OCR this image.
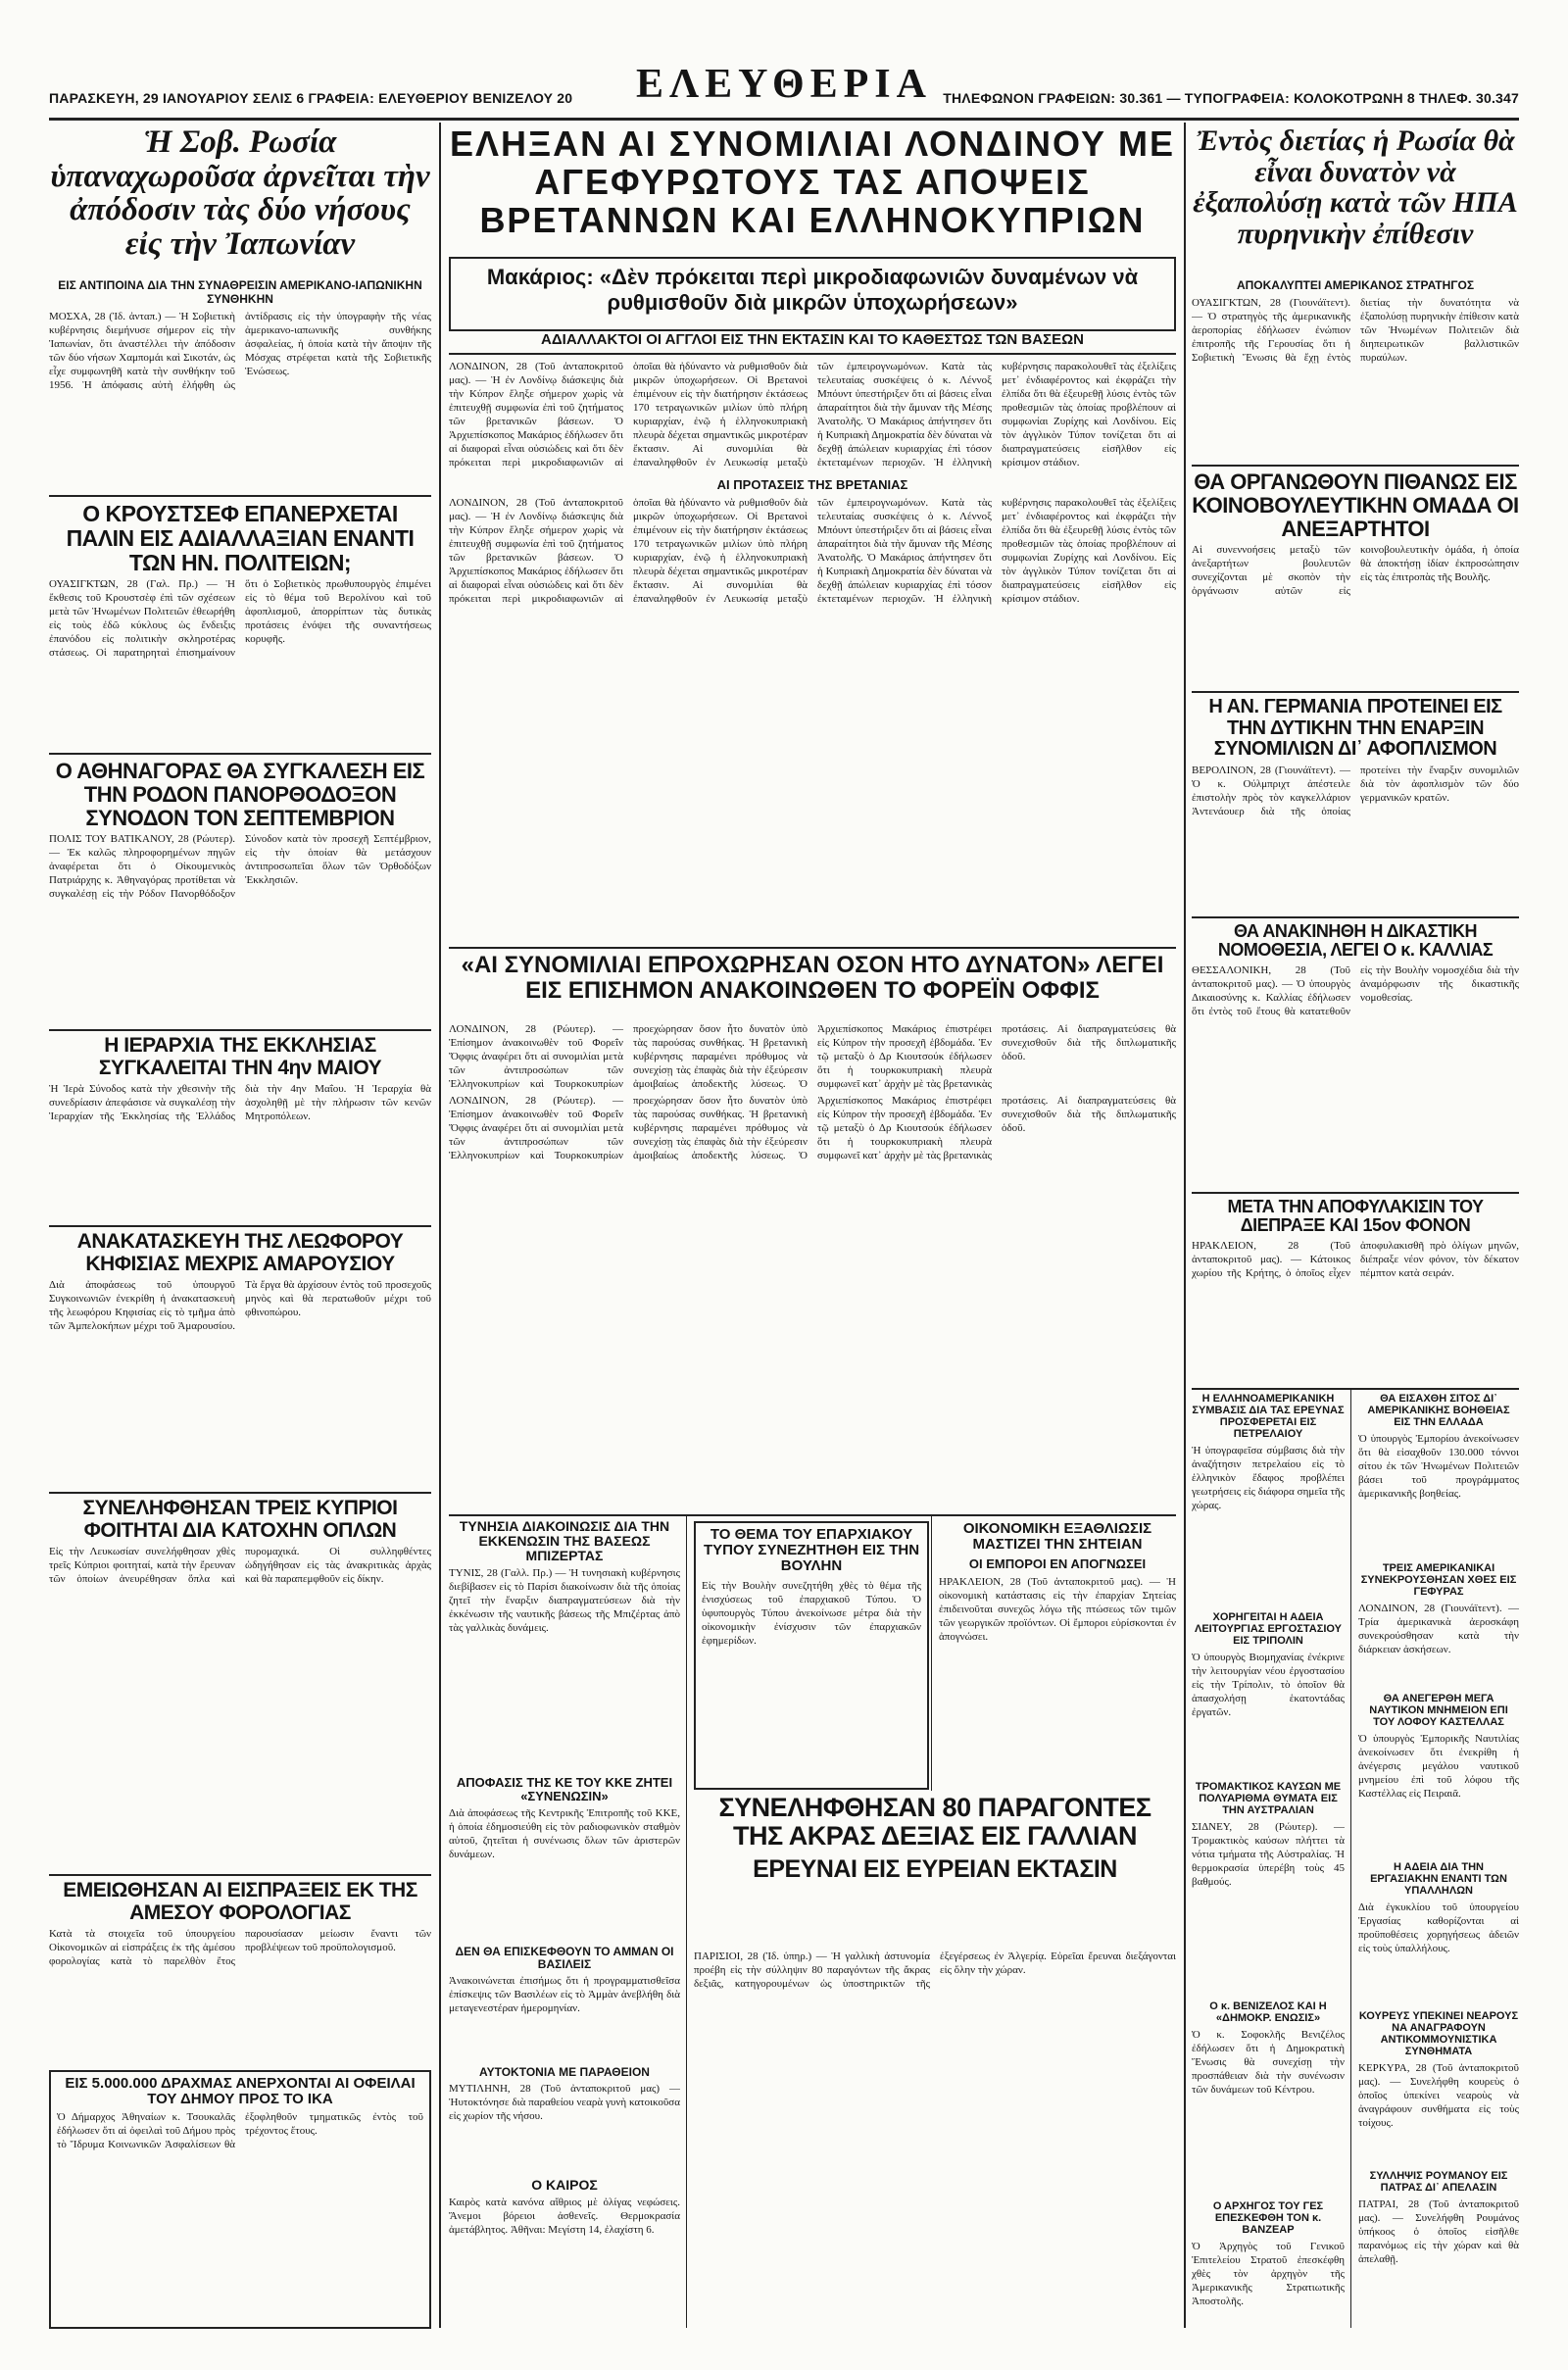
ΠΑΡΑΣΚΕΥΗ, 29 ΙΑΝΟΥΑΡΙΟΥ ΣΕΛΙΣ 6 ΓΡΑΦΕΙΑ: ΕΛΕΥΘΕΡΙΟΥ ΒΕΝΙΖΕΛΟΥ 20	ΕΛΕΥΘΕΡΙΑ ΤΗΛΕΦΩΝΟΝ ΓΡΑΦΕΙΩΝ: 30.361 — ΤΥΠΟΓΡΑΦΕΙΑ: ΚΟΛΟΚΟΤΡΩΝΗ 8 ΤΗΛΕΦ. 30.347

Ἡ Σοβ. Ρωσία ὑπαναχωροῦσα ἀρνεῖται τὴν ἀπόδοσιν τὰς δύο νήσους εἰς τὴν Ἰαπωνίαν

ΕΙΣ ΑΝΤΙΠΟΙΝΑ ΔΙΑ ΤΗΝ ΣΥΝΑΘΡΕΙΣΙΝ ΑΜΕΡΙΚΑΝΟ-ΙΑΠΩΝΙΚΗΝ ΣΥΝΘΗΚΗΝ

ΜΟΣΧΑ, 28 (Ἰδ. ἀνταπ.) — Ἡ Σοβιετικὴ κυβέρνησις διεμήνυσε σήμερον εἰς τὴν Ἰαπωνίαν, ὅτι ἀναστέλλει τὴν ἀπόδοσιν τῶν δύο νήσων Χαμπομάι καὶ Σικοτάν, ὡς εἶχε συμφωνηθῆ κατὰ τὴν συνθήκην τοῦ 1956. Ἡ ἀπόφασις αὐτὴ ἐλήφθη ὡς ἀντίδρασις εἰς τὴν ὑπογραφὴν τῆς νέας ἀμερικανο-ιαπωνικῆς συνθήκης ἀσφαλείας, ἡ ὁποία κατὰ τὴν ἄποψιν τῆς Μόσχας στρέφεται κατὰ τῆς Σοβιετικῆς Ἑνώσεως.

Ο ΚΡΟΥΣΤΣΕΦ ΕΠΑΝΕΡΧΕΤΑΙ ΠΑΛΙΝ ΕΙΣ ΑΔΙΑΛΛΑΞΙΑΝ ΕΝΑΝΤΙ ΤΩΝ ΗΝ. ΠΟΛΙΤΕΙΩΝ;

ΟΥΑΣΙΓΚΤΩΝ, 28 (Γαλ. Πρ.) — Ἡ ἔκθεσις τοῦ Κρουστσὲφ ἐπὶ τῶν σχέσεων μετὰ τῶν Ἡνωμένων Πολιτειῶν ἐθεωρήθη εἰς τοὺς ἐδῶ κύκλους ὡς ἔνδειξις ἐπανόδου εἰς πολιτικὴν σκληροτέρας στάσεως. Οἱ παρατηρηταὶ ἐπισημαίνουν ὅτι ὁ Σοβιετικὸς πρωθυπουργὸς ἐπιμένει εἰς τὸ θέμα τοῦ Βερολίνου καὶ τοῦ ἀφοπλισμοῦ, ἀπορρίπτων τὰς δυτικὰς προτάσεις ἐνόψει τῆς συναντήσεως κορυφῆς.

Ο ΑΘΗΝΑΓΟΡΑΣ ΘΑ ΣΥΓΚΑΛΕΣΗ ΕΙΣ ΤΗΝ ΡΟΔΟΝ ΠΑΝΟΡΘΟΔΟΞΟΝ ΣΥΝΟΔΟΝ ΤΟΝ ΣΕΠΤΕΜΒΡΙΟΝ

ΠΟΛΙΣ ΤΟΥ ΒΑΤΙΚΑΝΟΥ, 28 (Ρώυτερ). — Ἐκ καλῶς πληροφορημένων πηγῶν ἀναφέρεται ὅτι ὁ Οἰκουμενικὸς Πατριάρχης κ. Ἀθηναγόρας προτίθεται νὰ συγκαλέσῃ εἰς τὴν Ρόδον Πανορθόδοξον Σύνοδον κατὰ τὸν προσεχῆ Σεπτέμβριον, εἰς τὴν ὁποίαν θὰ μετάσχουν ἀντιπροσωπεῖαι ὅλων τῶν Ὀρθοδόξων Ἐκκλησιῶν.

Η ΙΕΡΑΡΧΙΑ ΤΗΣ ΕΚΚΛΗΣΙΑΣ ΣΥΓΚΑΛΕΙΤΑΙ ΤΗΝ 4ην ΜΑΙΟΥ

Ἡ Ἱερὰ Σύνοδος κατὰ τὴν χθεσινὴν τῆς συνεδρίασιν ἀπεφάσισε νὰ συγκαλέσῃ τὴν Ἱεραρχίαν τῆς Ἐκκλησίας τῆς Ἑλλάδος διὰ τὴν 4ην Μαΐου. Ἡ Ἱεραρχία θὰ ἀσχοληθῇ μὲ τὴν πλήρωσιν τῶν κενῶν Μητροπόλεων.

ΑΝΑΚΑΤΑΣΚΕΥΗ ΤΗΣ ΛΕΩΦΟΡΟΥ ΚΗΦΙΣΙΑΣ ΜΕΧΡΙΣ ΑΜΑΡΟΥΣΙΟΥ

Διὰ ἀποφάσεως τοῦ ὑπουργοῦ Συγκοινωνιῶν ἐνεκρίθη ἡ ἀνακατασκευὴ τῆς λεωφόρου Κηφισίας εἰς τὸ τμῆμα ἀπὸ τῶν Ἀμπελοκήπων μέχρι τοῦ Ἀμαρουσίου. Τὰ ἔργα θὰ ἀρχίσουν ἐντὸς τοῦ προσεχοῦς μηνὸς καὶ θὰ περατωθοῦν μέχρι τοῦ φθινοπώρου.

ΣΥΝΕΛΗΦΘΗΣΑΝ ΤΡΕΙΣ ΚΥΠΡΙΟΙ ΦΟΙΤΗΤΑΙ ΔΙΑ ΚΑΤΟΧΗΝ ΟΠΛΩΝ

Εἰς τὴν Λευκωσίαν συνελήφθησαν χθὲς τρεῖς Κύπριοι φοιτηταί, κατὰ τὴν ἔρευναν τῶν ὁποίων ἀνευρέθησαν ὅπλα καὶ πυρομαχικά. Οἱ συλληφθέντες ὡδηγήθησαν εἰς τὰς ἀνακριτικὰς ἀρχὰς καὶ θὰ παραπεμφθοῦν εἰς δίκην.

ΕΜΕΙΩΘΗΣΑΝ ΑΙ ΕΙΣΠΡΑΞΕΙΣ ΕΚ ΤΗΣ ΑΜΕΣΟΥ ΦΟΡΟΛΟΓΙΑΣ

Κατὰ τὰ στοιχεῖα τοῦ ὑπουργείου Οἰκονομικῶν αἱ εἰσπράξεις ἐκ τῆς ἀμέσου φορολογίας κατὰ τὸ παρελθὸν ἔτος παρουσίασαν μείωσιν ἔναντι τῶν προβλέψεων τοῦ προϋπολογισμοῦ.

ΕΙΣ 5.000.000 ΔΡΑΧΜΑΣ ΑΝΕΡΧΟΝΤΑΙ ΑΙ ΟΦΕΙΛΑΙ ΤΟΥ ΔΗΜΟΥ ΠΡΟΣ ΤΟ ΙΚΑ

Ὁ Δήμαρχος Ἀθηναίων κ. Τσουκαλᾶς ἐδήλωσεν ὅτι αἱ ὀφειλαὶ τοῦ Δήμου πρὸς τὸ Ἵδρυμα Κοινωνικῶν Ἀσφαλίσεων θὰ ἐξοφληθοῦν τμηματικῶς ἐντὸς τοῦ τρέχοντος ἔτους.

ΕΛΗΞΑΝ ΑΙ ΣΥΝΟΜΙΛΙΑΙ ΛΟΝΔΙΝΟΥ ΜΕ ΑΓΕΦΥΡΩΤΟΥΣ ΤΑΣ ΑΠΟΨΕΙΣ ΒΡΕΤΑΝΝΩΝ ΚΑΙ ΕΛΛΗΝΟΚΥΠΡΙΩΝ

Μακάριος: «Δὲν πρόκειται περὶ μικροδιαφωνιῶν δυναμένων νὰ ρυθμισθοῦν διὰ μικρῶν ὑποχωρήσεων»

ΑΔΙΑΛΛΑΚΤΟΙ ΟΙ ΑΓΓΛΟΙ ΕΙΣ ΤΗΝ ΕΚΤΑΣΙΝ ΚΑΙ ΤΟ ΚΑΘΕΣΤΩΣ ΤΩΝ ΒΑΣΕΩΝ

ΛΟΝΔΙΝΟΝ, 28 (Τοῦ ἀνταποκριτοῦ μας). — Ἡ ἐν Λονδίνῳ διάσκεψις διὰ τὴν Κύπρον ἔληξε σήμερον χωρὶς νὰ ἐπιτευχθῇ συμφωνία ἐπὶ τοῦ ζητήματος τῶν βρετανικῶν βάσεων. Ὁ Ἀρχιεπίσκοπος Μακάριος ἐδήλωσεν ὅτι αἱ διαφοραὶ εἶναι οὐσιώδεις καὶ ὅτι δὲν πρόκειται περὶ μικροδιαφωνιῶν αἱ ὁποῖαι θὰ ἠδύναντο νὰ ρυθμισθοῦν διὰ μικρῶν ὑποχωρήσεων. Οἱ Βρετανοὶ ἐπιμένουν εἰς τὴν διατήρησιν ἐκτάσεως 170 τετραγωνικῶν μιλίων ὑπὸ πλήρη κυριαρχίαν, ἐνῷ ἡ ἑλληνοκυπριακὴ πλευρὰ δέχεται σημαντικῶς μικροτέραν ἔκτασιν. Αἱ συνομιλίαι θὰ ἐπαναληφθοῦν ἐν Λευκωσίᾳ μεταξὺ τῶν ἐμπειρογνωμόνων. Κατὰ τὰς τελευταίας συσκέψεις ὁ κ. Λέννοξ Μπόυντ ὑπεστήριξεν ὅτι αἱ βάσεις εἶναι ἀπαραίτητοι διὰ τὴν ἄμυναν τῆς Μέσης Ἀνατολῆς. Ὁ Μακάριος ἀπήντησεν ὅτι ἡ Κυπριακὴ Δημοκρατία δὲν δύναται νὰ δεχθῇ ἀπώλειαν κυριαρχίας ἐπὶ τόσον ἐκτεταμένων περιοχῶν. Ἡ ἑλληνικὴ κυβέρνησις παρακολουθεῖ τὰς ἐξελίξεις μετ᾽ ἐνδιαφέροντος καὶ ἐκφράζει τὴν ἐλπίδα ὅτι θὰ ἐξευρεθῇ λύσις ἐντὸς τῶν προθεσμιῶν τὰς ὁποίας προβλέπουν αἱ συμφωνίαι Ζυρίχης καὶ Λονδίνου. Εἰς τὸν ἀγγλικὸν Τύπον τονίζεται ὅτι αἱ διαπραγματεύσεις εἰσῆλθον εἰς κρίσιμον στάδιον.

ΑΙ ΠΡΟΤΑΣΕΙΣ ΤΗΣ ΒΡΕΤΑΝΙΑΣ

ΛΟΝΔΙΝΟΝ, 28 (Τοῦ ἀνταποκριτοῦ μας). — Ἡ ἐν Λονδίνῳ διάσκεψις διὰ τὴν Κύπρον ἔληξε σήμερον χωρὶς νὰ ἐπιτευχθῇ συμφωνία ἐπὶ τοῦ ζητήματος τῶν βρετανικῶν βάσεων. Ὁ Ἀρχιεπίσκοπος Μακάριος ἐδήλωσεν ὅτι αἱ διαφοραὶ εἶναι οὐσιώδεις καὶ ὅτι δὲν πρόκειται περὶ μικροδιαφωνιῶν αἱ ὁποῖαι θὰ ἠδύναντο νὰ ρυθμισθοῦν διὰ μικρῶν ὑποχωρήσεων. Οἱ Βρετανοὶ ἐπιμένουν εἰς τὴν διατήρησιν ἐκτάσεως 170 τετραγωνικῶν μιλίων ὑπὸ πλήρη κυριαρχίαν, ἐνῷ ἡ ἑλληνοκυπριακὴ πλευρὰ δέχεται σημαντικῶς μικροτέραν ἔκτασιν. Αἱ συνομιλίαι θὰ ἐπαναληφθοῦν ἐν Λευκωσίᾳ μεταξὺ τῶν ἐμπειρογνωμόνων. Κατὰ τὰς τελευταίας συσκέψεις ὁ κ. Λέννοξ Μπόυντ ὑπεστήριξεν ὅτι αἱ βάσεις εἶναι ἀπαραίτητοι διὰ τὴν ἄμυναν τῆς Μέσης Ἀνατολῆς. Ὁ Μακάριος ἀπήντησεν ὅτι ἡ Κυπριακὴ Δημοκρατία δὲν δύναται νὰ δεχθῇ ἀπώλειαν κυριαρχίας ἐπὶ τόσον ἐκτεταμένων περιοχῶν. Ἡ ἑλληνικὴ κυβέρνησις παρακολουθεῖ τὰς ἐξελίξεις μετ᾽ ἐνδιαφέροντος καὶ ἐκφράζει τὴν ἐλπίδα ὅτι θὰ ἐξευρεθῇ λύσις ἐντὸς τῶν προθεσμιῶν τὰς ὁποίας προβλέπουν αἱ συμφωνίαι Ζυρίχης καὶ Λονδίνου. Εἰς τὸν ἀγγλικὸν Τύπον τονίζεται ὅτι αἱ διαπραγματεύσεις εἰσῆλθον εἰς κρίσιμον στάδιον.

«ΑΙ ΣΥΝΟΜΙΛΙΑΙ ΕΠΡΟΧΩΡΗΣΑΝ ΟΣΟΝ ΗΤΟ ΔΥΝΑΤΟΝ» ΛΕΓΕΙ ΕΙΣ ΕΠΙΣΗΜΟΝ ΑΝΑΚΟΙΝΩΘΕΝ ΤΟ ΦΟΡΕΪΝ ΟΦΦΙΣ

ΛΟΝΔΙΝΟΝ, 28 (Ρώυτερ). — Ἐπίσημον ἀνακοινωθὲν τοῦ Φορεΐν Ὄφφις ἀναφέρει ὅτι αἱ συνομιλίαι μετὰ τῶν ἀντιπροσώπων τῶν Ἑλληνοκυπρίων καὶ Τουρκοκυπρίων προεχώρησαν ὅσον ἦτο δυνατὸν ὑπὸ τὰς παρούσας συνθήκας. Ἡ βρετανικὴ κυβέρνησις παραμένει πρόθυμος νὰ συνεχίσῃ τὰς ἐπαφὰς διὰ τὴν ἐξεύρεσιν ἀμοιβαίως ἀποδεκτῆς λύσεως. Ὁ Ἀρχιεπίσκοπος Μακάριος ἐπιστρέφει εἰς Κύπρον τὴν προσεχῆ ἑβδομάδα. Ἐν τῷ μεταξὺ ὁ Δρ Κιουτσούκ ἐδήλωσεν ὅτι ἡ τουρκοκυπριακὴ πλευρὰ συμφωνεῖ κατ᾽ ἀρχὴν μὲ τὰς βρετανικὰς προτάσεις. Αἱ διαπραγματεύσεις θὰ συνεχισθοῦν διὰ τῆς διπλωματικῆς ὁδοῦ.

ΛΟΝΔΙΝΟΝ, 28 (Ρώυτερ). — Ἐπίσημον ἀνακοινωθὲν τοῦ Φορεΐν Ὄφφις ἀναφέρει ὅτι αἱ συνομιλίαι μετὰ τῶν ἀντιπροσώπων τῶν Ἑλληνοκυπρίων καὶ Τουρκοκυπρίων προεχώρησαν ὅσον ἦτο δυνατὸν ὑπὸ τὰς παρούσας συνθήκας. Ἡ βρετανικὴ κυβέρνησις παραμένει πρόθυμος νὰ συνεχίσῃ τὰς ἐπαφὰς διὰ τὴν ἐξεύρεσιν ἀμοιβαίως ἀποδεκτῆς λύσεως. Ὁ Ἀρχιεπίσκοπος Μακάριος ἐπιστρέφει εἰς Κύπρον τὴν προσεχῆ ἑβδομάδα. Ἐν τῷ μεταξὺ ὁ Δρ Κιουτσούκ ἐδήλωσεν ὅτι ἡ τουρκοκυπριακὴ πλευρὰ συμφωνεῖ κατ᾽ ἀρχὴν μὲ τὰς βρετανικὰς προτάσεις. Αἱ διαπραγματεύσεις θὰ συνεχισθοῦν διὰ τῆς διπλωματικῆς ὁδοῦ.

ΤΥΝΗΣΙΑ ΔΙΑΚΟΙΝΩΣΙΣ ΔΙΑ ΤΗΝ ΕΚΚΕΝΩΣΙΝ ΤΗΣ ΒΑΣΕΩΣ ΜΠΙΖΕΡΤΑΣ

ΤΥΝΙΣ, 28 (Γαλλ. Πρ.) — Ἡ τυνησιακὴ κυβέρνησις διεβίβασεν εἰς τὸ Παρίσι διακοίνωσιν διὰ τῆς ὁποίας ζητεῖ τὴν ἔναρξιν διαπραγματεύσεων διὰ τὴν ἐκκένωσιν τῆς ναυτικῆς βάσεως τῆς Μπιζέρτας ἀπὸ τὰς γαλλικὰς δυνάμεις.

ΑΠΟΦΑΣΙΣ ΤΗΣ ΚΕ ΤΟΥ ΚΚΕ ΖΗΤΕΙ «ΣΥΝΕΝΩΣΙΝ»

Διὰ ἀποφάσεως τῆς Κεντρικῆς Ἐπιτροπῆς τοῦ ΚΚΕ, ἡ ὁποία ἐδημοσιεύθη εἰς τὸν ραδιοφωνικὸν σταθμὸν αὐτοῦ, ζητεῖται ἡ συνένωσις ὅλων τῶν ἀριστερῶν δυνάμεων.

ΔΕΝ ΘΑ ΕΠΙΣΚΕΦΘΟΥΝ ΤΟ ΑΜΜΑΝ ΟΙ ΒΑΣΙΛΕΙΣ

Ἀνακοινώνεται ἐπισήμως ὅτι ἡ προγραμματισθεῖσα ἐπίσκεψις τῶν Βασιλέων εἰς τὸ Ἀμμὰν ἀνεβλήθη διὰ μεταγενεστέραν ἡμερομηνίαν.

ΑΥΤΟΚΤΟΝΙΑ ΜΕ ΠΑΡΑΘΕΙΟΝ

ΜΥΤΙΛΗΝΗ, 28 (Τοῦ ἀνταποκριτοῦ μας) — Ἠυτοκτόνησε διὰ παραθείου νεαρὰ γυνὴ κατοικοῦσα εἰς χωρίον τῆς νήσου.

Ο ΚΑΙΡΟΣ

Καιρὸς κατὰ κανόνα αἴθριος μὲ ὀλίγας νεφώσεις. Ἄνεμοι βόρειοι ἀσθενεῖς. Θερμοκρασία ἀμετάβλητος. Ἀθῆναι: Μεγίστη 14, ἐλαχίστη 6.

ΤΟ ΘΕΜΑ ΤΟΥ ΕΠΑΡΧΙΑΚΟΥ ΤΥΠΟΥ ΣΥΝΕΖΗΤΗΘΗ ΕΙΣ ΤΗΝ ΒΟΥΛΗΝ

Εἰς τὴν Βουλὴν συνεζητήθη χθὲς τὸ θέμα τῆς ἐνισχύσεως τοῦ ἐπαρχιακοῦ Τύπου. Ὁ ὑφυπουργὸς Τύπου ἀνεκοίνωσε μέτρα διὰ τὴν οἰκονομικὴν ἐνίσχυσιν τῶν ἐπαρχιακῶν ἐφημερίδων.

ΟΙΚΟΝΟΜΙΚΗ ΕΞΑΘΛΙΩΣΙΣ ΜΑΣΤΙΖΕΙ ΤΗΝ ΣΗΤΕΙΑΝ

ΟΙ ΕΜΠΟΡΟΙ ΕΝ ΑΠΟΓΝΩΣΕΙ

ΗΡΑΚΛΕΙΟΝ, 28 (Τοῦ ἀνταποκριτοῦ μας). — Ἡ οἰκονομικὴ κατάστασις εἰς τὴν ἐπαρχίαν Σητείας ἐπιδεινοῦται συνεχῶς λόγω τῆς πτώσεως τῶν τιμῶν τῶν γεωργικῶν προϊόντων. Οἱ ἔμποροι εὑρίσκονται ἐν ἀπογνώσει.

ΣΥΝΕΛΗΦΘΗΣΑΝ 80 ΠΑΡΑΓΟΝΤΕΣ ΤΗΣ ΑΚΡΑΣ ΔΕΞΙΑΣ ΕΙΣ ΓΑΛΛΙΑΝ

ΕΡΕΥΝΑΙ ΕΙΣ ΕΥΡΕΙΑΝ ΕΚΤΑΣΙΝ

ΠΑΡΙΣΙΟΙ, 28 (Ἰδ. ὑπηρ.) — Ἡ γαλλικὴ ἀστυνομία προέβη εἰς τὴν σύλληψιν 80 παραγόντων τῆς ἄκρας δεξιᾶς, κατηγορουμένων ὡς ὑποστηρικτῶν τῆς ἐξεγέρσεως ἐν Ἀλγερίᾳ. Εὐρεῖαι ἔρευναι διεξάγονται εἰς ὅλην τὴν χώραν.

Ἐντὸς διετίας ἡ Ρωσία θὰ εἶναι δυνατὸν νὰ ἐξαπολύσῃ κατὰ τῶν ΗΠΑ πυρηνικὴν ἐπίθεσιν

ΑΠΟΚΑΛΥΠΤΕΙ ΑΜΕΡΙΚΑΝΟΣ ΣΤΡΑΤΗΓΟΣ

ΟΥΑΣΙΓΚΤΩΝ, 28 (Γιουνάϊτεντ). — Ὁ στρατηγὸς τῆς ἀμερικανικῆς ἀεροπορίας ἐδήλωσεν ἐνώπιον ἐπιτροπῆς τῆς Γερουσίας ὅτι ἡ Σοβιετικὴ Ἕνωσις θὰ ἔχῃ ἐντὸς διετίας τὴν δυνατότητα νὰ ἐξαπολύσῃ πυρηνικὴν ἐπίθεσιν κατὰ τῶν Ἡνωμένων Πολιτειῶν διὰ διηπειρωτικῶν βαλλιστικῶν πυραύλων.

ΘΑ ΟΡΓΑΝΩΘΟΥΝ ΠΙΘΑΝΩΣ ΕΙΣ ΚΟΙΝΟΒΟΥΛΕΥΤΙΚΗΝ ΟΜΑΔΑ ΟΙ ΑΝΕΞΑΡΤΗΤΟΙ

Αἱ συνεννοήσεις μεταξὺ τῶν ἀνεξαρτήτων βουλευτῶν συνεχίζονται μὲ σκοπὸν τὴν ὀργάνωσιν αὐτῶν εἰς κοινοβουλευτικὴν ὁμάδα, ἡ ὁποία θὰ ἀποκτήσῃ ἰδίαν ἐκπροσώπησιν εἰς τὰς ἐπιτροπὰς τῆς Βουλῆς.

Η ΑΝ. ΓΕΡΜΑΝΙΑ ΠΡΟΤΕΙΝΕΙ ΕΙΣ ΤΗΝ ΔΥΤΙΚΗΝ ΤΗΝ ΕΝΑΡΞΙΝ ΣΥΝΟΜΙΛΙΩΝ ΔΙ᾽ ΑΦΟΠΛΙΣΜΟΝ

ΒΕΡΟΛΙΝΟΝ, 28 (Γιουνάϊτεντ). — Ὁ κ. Ούλμπριχτ ἀπέστειλε ἐπιστολὴν πρὸς τὸν καγκελλάριον Ἀντενάουερ διὰ τῆς ὁποίας προτείνει τὴν ἔναρξιν συνομιλιῶν διὰ τὸν ἀφοπλισμὸν τῶν δύο γερμανικῶν κρατῶν.

ΘΑ ΑΝΑΚΙΝΗΘΗ Η ΔΙΚΑΣΤΙΚΗ ΝΟΜΟΘΕΣΙΑ, ΛΕΓΕΙ Ο κ. ΚΑΛΛΙΑΣ

ΘΕΣΣΑΛΟΝΙΚΗ, 28 (Τοῦ ἀνταποκριτοῦ μας). — Ὁ ὑπουργὸς Δικαιοσύνης κ. Καλλίας ἐδήλωσεν ὅτι ἐντὸς τοῦ ἔτους θὰ κατατεθοῦν εἰς τὴν Βουλὴν νομοσχέδια διὰ τὴν ἀναμόρφωσιν τῆς δικαστικῆς νομοθεσίας.

ΜΕΤΑ ΤΗΝ ΑΠΟΦΥΛΑΚΙΣΙΝ ΤΟΥ ΔΙΕΠΡΑΞΕ ΚΑΙ 15ον ΦΟΝΟΝ

ΗΡΑΚΛΕΙΟΝ, 28 (Τοῦ ἀνταποκριτοῦ μας). — Κάτοικος χωρίου τῆς Κρήτης, ὁ ὁποῖος εἶχεν ἀποφυλακισθῆ πρὸ ὀλίγων μηνῶν, διέπραξε νέον φόνον, τὸν δέκατον πέμπτον κατὰ σειράν.

Η ΕΛΛΗΝΟΑΜΕΡΙΚΑΝΙΚΗ ΣΥΜΒΑΣΙΣ ΔΙΑ ΤΑΣ ΕΡΕΥΝΑΣ ΠΡΟΣΦΕΡΕΤΑΙ ΕΙΣ ΠΕΤΡΕΛΑΙΟΥ

Ἡ ὑπογραφεῖσα σύμβασις διὰ τὴν ἀναζήτησιν πετρελαίου εἰς τὸ ἑλληνικὸν ἔδαφος προβλέπει γεωτρήσεις εἰς διάφορα σημεῖα τῆς χώρας.

ΧΟΡΗΓΕΙΤΑΙ Η ΑΔΕΙΑ ΛΕΙΤΟΥΡΓΙΑΣ ΕΡΓΟΣΤΑΣΙΟΥ ΕΙΣ ΤΡΙΠΟΛΙΝ

Ὁ ὑπουργὸς Βιομηχανίας ἐνέκρινε τὴν λειτουργίαν νέου ἐργοστασίου εἰς τὴν Τρίπολιν, τὸ ὁποῖον θὰ ἀπασχολήσῃ ἑκατοντάδας ἐργατῶν.

ΤΡΟΜΑΚΤΙΚΟΣ ΚΑΥΣΩΝ ΜΕ ΠΟΛΥΑΡΙΘΜΑ ΘΥΜΑΤΑ ΕΙΣ ΤΗΝ ΑΥΣΤΡΑΛΙΑΝ

ΣΙΔΝΕΥ, 28 (Ρώυτερ). — Τρομακτικὸς καύσων πλήττει τὰ νότια τμήματα τῆς Αὐστραλίας. Ἡ θερμοκρασία ὑπερέβη τοὺς 45 βαθμούς.

Ο κ. ΒΕΝΙΖΕΛΟΣ ΚΑΙ Η «ΔΗΜΟΚΡ. ΕΝΩΣΙΣ»

Ὁ κ. Σοφοκλῆς Βενιζέλος ἐδήλωσεν ὅτι ἡ Δημοκρατικὴ Ἕνωσις θὰ συνεχίσῃ τὴν προσπάθειαν διὰ τὴν συνένωσιν τῶν δυνάμεων τοῦ Κέντρου.

Ο ΑΡΧΗΓΟΣ ΤΟΥ ΓΕΣ ΕΠΕΣΚΕΦΘΗ ΤΟΝ κ. ΒΑΝΖΕΑΡ

Ὁ Ἀρχηγὸς τοῦ Γενικοῦ Ἐπιτελείου Στρατοῦ ἐπεσκέφθη χθὲς τὸν ἀρχηγὸν τῆς Ἀμερικανικῆς Στρατιωτικῆς Ἀποστολῆς.

ΘΑ ΕΙΣΑΧΘΗ ΣΙΤΟΣ ΔΙ᾽ ΑΜΕΡΙΚΑΝΙΚΗΣ ΒΟΗΘΕΙΑΣ ΕΙΣ ΤΗΝ ΕΛΛΑΔΑ

Ὁ ὑπουργὸς Ἐμπορίου ἀνεκοίνωσεν ὅτι θὰ εἰσαχθοῦν 130.000 τόννοι σίτου ἐκ τῶν Ἡνωμένων Πολιτειῶν βάσει τοῦ προγράμματος ἀμερικανικῆς βοηθείας.

ΤΡΕΙΣ ΑΜΕΡΙΚΑΝΙΚΑΙ ΣΥΝΕΚΡΟΥΣΘΗΣΑΝ ΧΘΕΣ ΕΙΣ ΓΕΦΥΡΑΣ

ΛΟΝΔΙΝΟΝ, 28 (Γιουνάϊτεντ). — Τρία ἀμερικανικὰ ἀεροσκάφη συνεκρούσθησαν κατὰ τὴν διάρκειαν ἀσκήσεων.

ΘΑ ΑΝΕΓΕΡΘΗ ΜΕΓΑ ΝΑΥΤΙΚΟΝ ΜΝΗΜΕΙΟΝ ΕΠΙ ΤΟΥ ΛΟΦΟΥ ΚΑΣΤΕΛΛΑΣ

Ὁ ὑπουργὸς Ἐμπορικῆς Ναυτιλίας ἀνεκοίνωσεν ὅτι ἐνεκρίθη ἡ ἀνέγερσις μεγάλου ναυτικοῦ μνημείου ἐπὶ τοῦ λόφου τῆς Καστέλλας εἰς Πειραιᾶ.

Η ΑΔΕΙΑ ΔΙΑ ΤΗΝ ΕΡΓΑΣΙΑΚΗΝ ΕΝΑΝΤΙ ΤΩΝ ΥΠΑΛΛΗΛΩΝ

Διὰ ἐγκυκλίου τοῦ ὑπουργείου Ἐργασίας καθορίζονται αἱ προϋποθέσεις χορηγήσεως ἀδειῶν εἰς τοὺς ὑπαλλήλους.

ΚΟΥΡΕΥΣ ΥΠΕΚΙΝΕΙ ΝΕΑΡΟΥΣ ΝΑ ΑΝΑΓΡΑΦΟΥΝ ΑΝΤΙΚΟΜΜΟΥΝΙΣΤΙΚΑ ΣΥΝΘΗΜΑΤΑ

ΚΕΡΚΥΡΑ, 28 (Τοῦ ἀνταποκριτοῦ μας). — Συνελήφθη κουρεὺς ὁ ὁποῖος ὑπεκίνει νεαροὺς νὰ ἀναγράφουν συνθήματα εἰς τοὺς τοίχους.

ΣΥΛΛΗΨΙΣ ΡΟΥΜΑΝΟΥ ΕΙΣ ΠΑΤΡΑΣ ΔΙ᾽ ΑΠΕΛΑΣΙΝ

ΠΑΤΡΑΙ, 28 (Τοῦ ἀνταποκριτοῦ μας). — Συνελήφθη Ρουμάνος ὑπήκοος ὁ ὁποῖος εἰσῆλθε παρανόμως εἰς τὴν χώραν καὶ θὰ ἀπελαθῇ.
